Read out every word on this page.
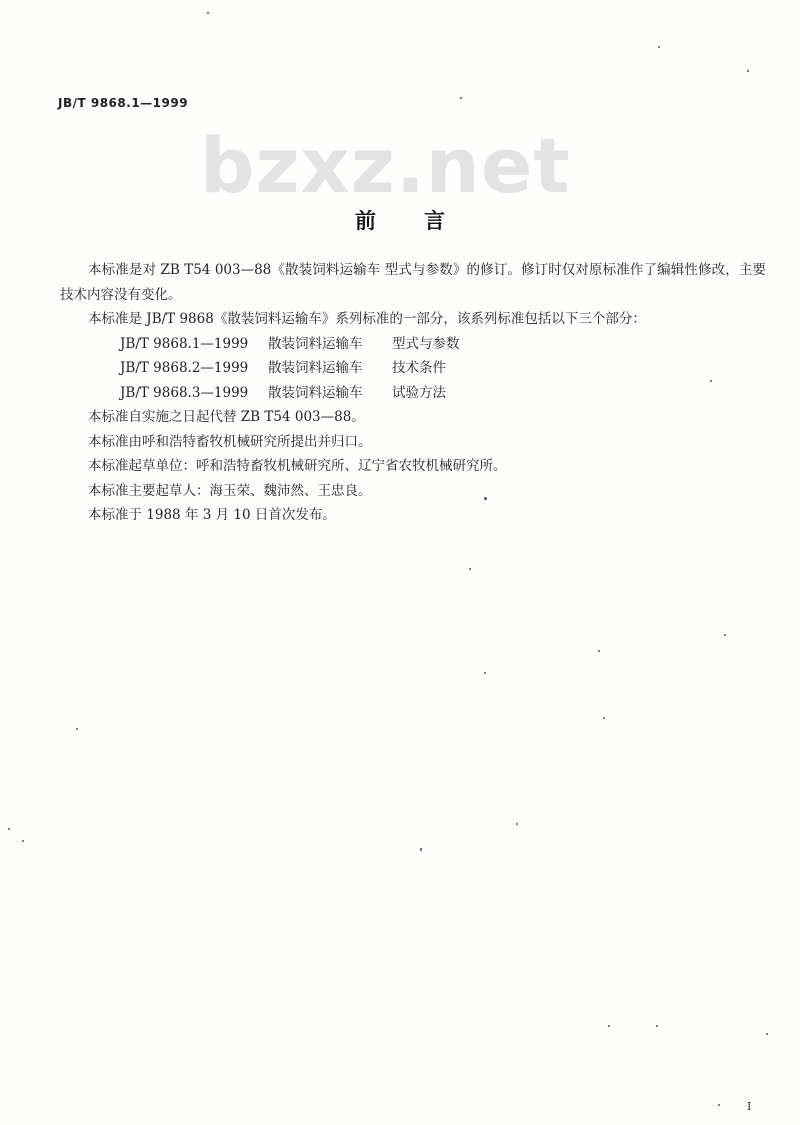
JB/T 9868.1—1999
bzxz.net
前言

本标准是对 ZB T54 003—88《散装饲料运输车 型式与参数》的修订。修订时仅对原标准作了编辑性修改，主要技术内容没有变化。

本标准是 JB/T 9868《散装饲料运输车》系列标准的一部分，该系列标准包括以下三个部分：

JB/T 9868.1—1999 散装饲料运输车 型式与参数
JB/T 9868.2—1999 散装饲料运输车 技术条件
JB/T 9868.3—1999 散装饲料运输车 试验方法

本标准自实施之日起代替 ZB T54 003—88。

本标准由呼和浩特畜牧机械研究所提出并归口。

本标准起草单位：呼和浩特畜牧机械研究所、辽宁省农牧机械研究所。

本标准主要起草人：海玉荣、魏沛然、王忠良。

本标准于 1988 年 3 月 10 日首次发布。

I
